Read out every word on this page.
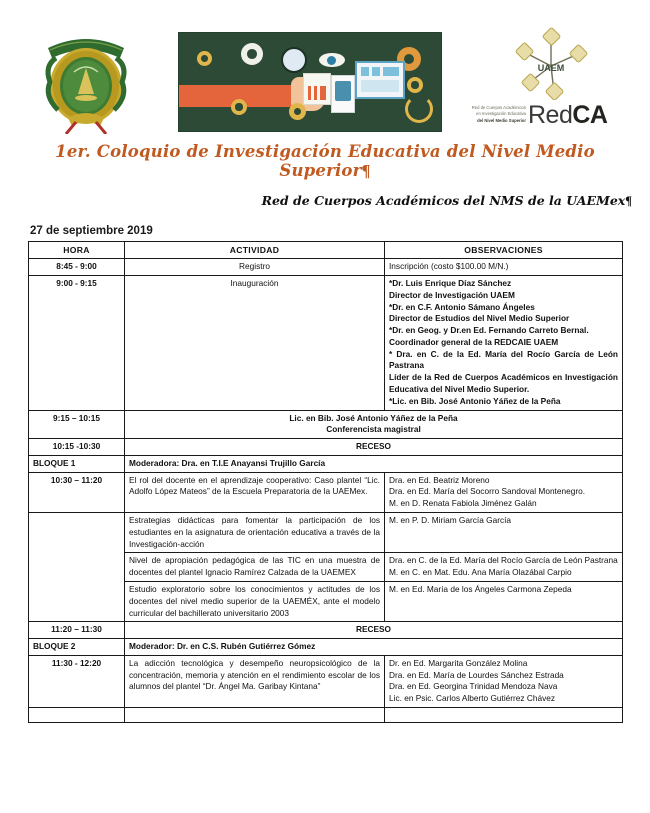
UAEM
Red de Cuerpos Académicos
en Investigación Educativa
del Nivel Medio Superior RedCA
1er. Coloquio de Investigación Educativa del Nivel Medio Superior¶
Red de Cuerpos Académicos del NMS de la UAEMex¶
27 de septiembre 2019
HORA	ACTIVIDAD	OBSERVACIONES
8:45 - 9:00	Registro	Inscripción (costo $100.00 M/N.)

9:00 - 9:15	Inauguración	*Dr. Luis Enrique Díaz Sánchez
Director de Investigación UAEM
*Dr. en C.F. Antonio Sámano Ángeles
Director de Estudios del Nivel Medio Superior
*Dr. en Geog. y Dr.en Ed. Fernando Carreto Bernal.
Coordinador general de la REDCAIE UAEM
* Dra. en C. de la Ed. María del Rocío García de León Pastrana
Líder de la Red de Cuerpos Académicos en Investigación Educativa del Nivel Medio Superior.
*Lic. en Bib. José Antonio Yáñez de la Peña

9:15 – 10:15	Lic. en Bib. José Antonio Yáñez de la Peña
Conferencista magistral	

10:15 -10:30	RECESO	
BLOQUE 1	Moderadora: Dra. en T.I.E Anayansi Trujillo García	
10:30 – 11:20	El rol del docente en el aprendizaje cooperativo: Caso plantel “Lic. Adolfo López Mateos” de la Escuela Preparatoria de la UAEMex.	Dra. en Ed. Beatriz Moreno
Dra. en Ed. María del Socorro Sandoval Montenegro.
M. en D. Renata Fabiola Jiménez Galán

	Estrategias didácticas para fomentar la participación de los estudiantes en la asignatura de orientación educativa a través de la Investigación-acción	M. en P. D. Miriam García García

	Nivel de apropiación pedagógica de las TIC en una muestra de docentes del plantel Ignacio Ramírez Calzada de la UAEMEX	Dra. en C. de la Ed. María del Rocío García de León Pastrana
M. en C. en Mat. Edu. Ana María Olazábal Carpio

	Estudio exploratorio sobre los conocimientos y actitudes de los docentes del nivel medio superior de la UAEMÉX, ante el modelo curricular del bachillerato universitario 2003	M. en Ed. María de los Ángeles Carmona Zepeda

11:20 – 11:30	RECESO	
BLOQUE 2	Moderador: Dr. en C.S. Rubén Gutiérrez Gómez	
11:30 - 12:20	La adicción tecnológica y desempeño neuropsicológico de la concentración, memoria y atención en el rendimiento escolar de los alumnos del plantel “Dr. Ángel Ma. Garibay Kintana”	Dr. en Ed. Margarita González Molina
Dra. en Ed. María de Lourdes Sánchez Estrada
Dra. en Ed. Georgina Trinidad Mendoza Nava
Lic. en Psic. Carlos Alberto Gutiérrez Chávez
